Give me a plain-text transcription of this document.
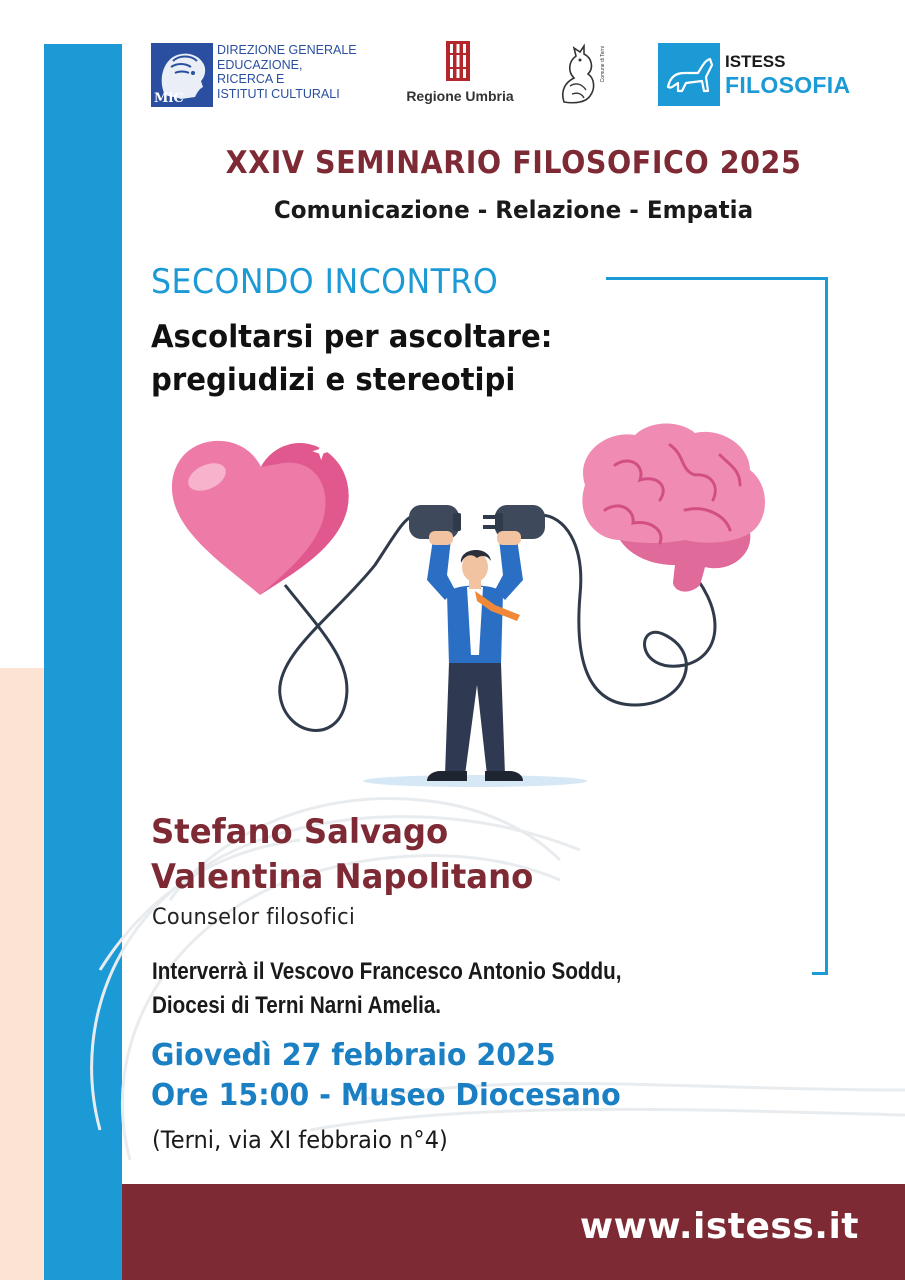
MiC
DIREZIONE GENERALE
EDUCAZIONE,
RICERCA E
ISTITUTI CULTURALI	Regione Umbria
Comune di Terni	ISTESS
FILOSOFIA
XXIV SEMINARIO FILOSOFICO 2025
Comunicazione - Relazione - Empatia
SECONDO INCONTRO
Ascoltarsi per ascoltare:
pregiudizi e stereotipi
Stefano Salvago
Valentina Napolitano
Counselor filosofici
Interverrà il Vescovo Francesco Antonio Soddu,
Diocesi di Terni Narni Amelia.
Giovedì 27 febbraio 2025
Ore 15:00 - Museo Diocesano
(Terni, via XI febbraio n°4)
www.istess.it
